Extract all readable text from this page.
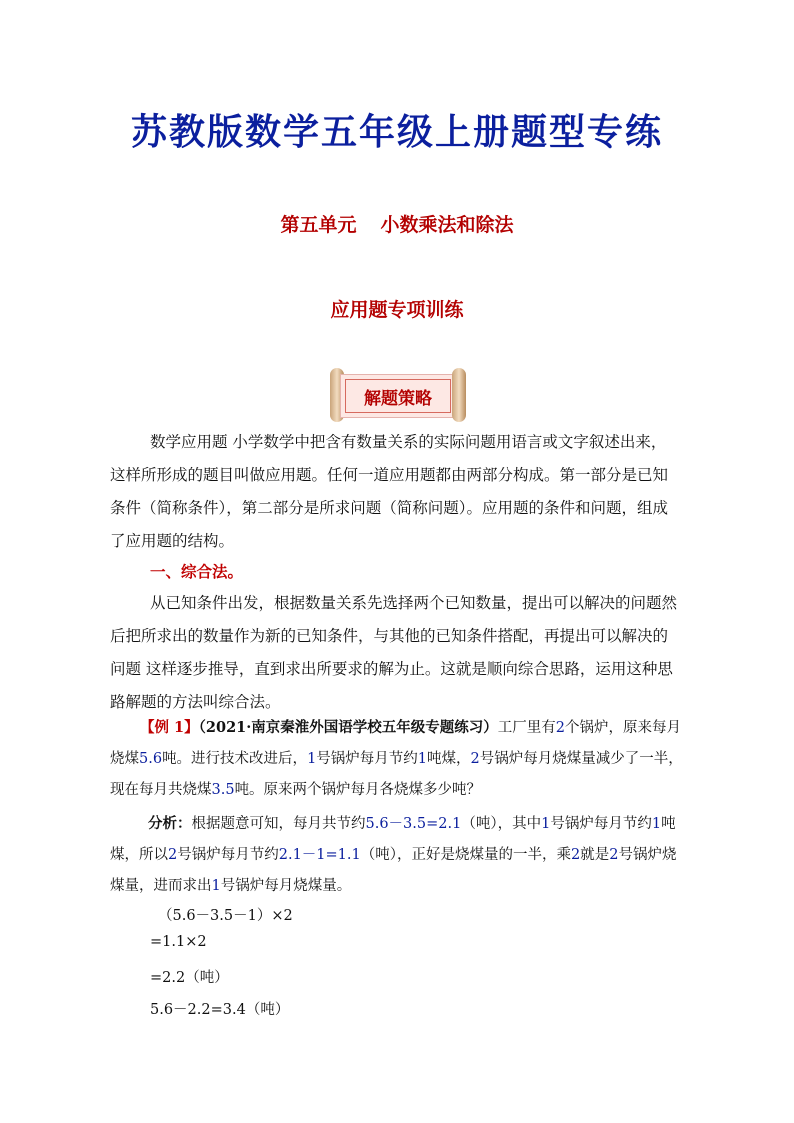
苏教版数学五年级上册题型专练
第五单元 小数乘法和除法
应用题专项训练
解题策略
数学应用题 小学数学中把含有数量关系的实际问题用语言或文字叙述出来，这样所形成的题目叫做应用题。任何一道应用题都由两部分构成。第一部分是已知条件（简称条件），第二部分是所求问题（简称问题）。应用题的条件和问题，组成了应用题的结构。
一、综合法。
从已知条件出发，根据数量关系先选择两个已知数量，提出可以解决的问题然后把所求出的数量作为新的已知条件，与其他的已知条件搭配，再提出可以解决的问题 这样逐步推导，直到求出所要求的解为止。这就是顺向综合思路，运用这种思路解题的方法叫综合法。
【例 1】（2021·南京秦淮外国语学校五年级专题练习）工厂里有2个锅炉，原来每月烧煤5.6吨。进行技术改进后，1号锅炉每月节约1吨煤，2号锅炉每月烧煤量减少了一半，现在每月共烧煤3.5吨。原来两个锅炉每月各烧煤多少吨？
分析：根据题意可知，每月共节约5.6－3.5=2.1（吨），其中1号锅炉每月节约1吨煤，所以2号锅炉每月节约2.1－1=1.1（吨），正好是烧煤量的一半，乘2就是2号锅炉烧煤量，进而求出1号锅炉每月烧煤量。
（5.6－3.5－1）×2
=1.1×2
=2.2（吨）
5.6－2.2=3.4（吨）
